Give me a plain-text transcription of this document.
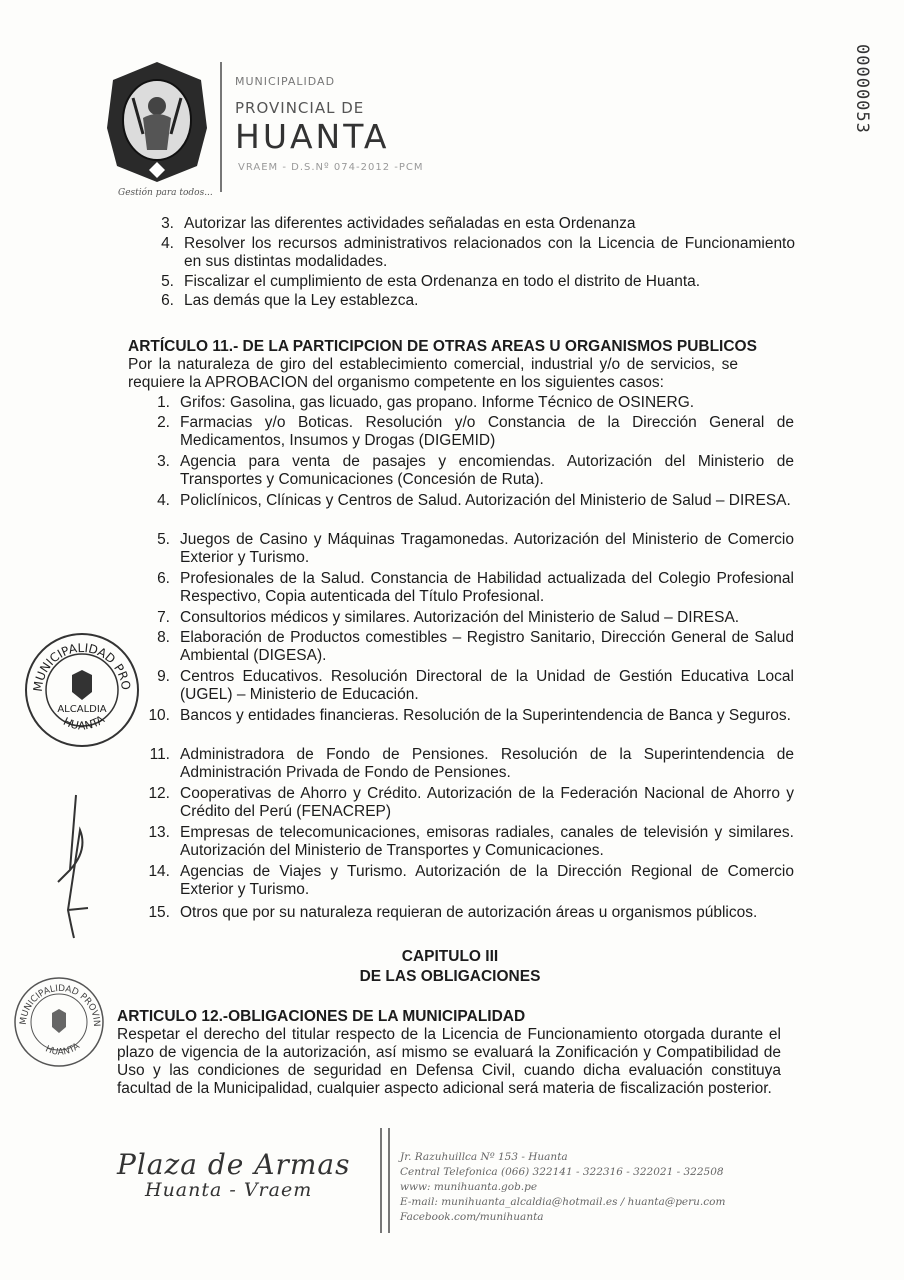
Gestión para todos...
MUNICIPALIDAD
PROVINCIAL DE
HUANTA
VRAEM - D.S.Nº 074-2012 -PCM
00000053
3. Autorizar las diferentes actividades señaladas en esta Ordenanza
4. Resolver los recursos administrativos relacionados con la Licencia de Funcionamiento en sus distintas modalidades.
5. Fiscalizar el cumplimiento de esta Ordenanza en todo el distrito de Huanta.
6. Las demás que la Ley establezca.
ARTÍCULO 11.- DE LA PARTICIPCION DE OTRAS AREAS U ORGANISMOS PUBLICOS
Por la naturaleza de giro del establecimiento comercial, industrial y/o de servicios, se requiere la APROBACION del organismo competente en los siguientes casos:
1. Grifos: Gasolina, gas licuado, gas propano. Informe Técnico de OSINERG.
2. Farmacias y/o Boticas. Resolución y/o Constancia de la Dirección General de Medicamentos, Insumos y Drogas (DIGEMID)
3. Agencia para venta de pasajes y encomiendas. Autorización del Ministerio de Transportes y Comunicaciones (Concesión de Ruta).
4. Policlínicos, Clínicas y Centros de Salud. Autorización del Ministerio de Salud – DIRESA.
5. Juegos de Casino y Máquinas Tragamonedas. Autorización del Ministerio de Comercio Exterior y Turismo.
6. Profesionales de la Salud. Constancia de Habilidad actualizada del Colegio Profesional Respectivo, Copia autenticada del Título Profesional.
7. Consultorios médicos y similares. Autorización del Ministerio de Salud – DIRESA.
8. Elaboración de Productos comestibles – Registro Sanitario, Dirección General de Salud Ambiental (DIGESA).
9. Centros Educativos. Resolución Directoral de la Unidad de Gestión Educativa Local (UGEL) – Ministerio de Educación.
10. Bancos y entidades financieras. Resolución de la Superintendencia de Banca y Seguros.
11. Administradora de Fondo de Pensiones. Resolución de la Superintendencia de Administración Privada de Fondo de Pensiones.
12. Cooperativas de Ahorro y Crédito. Autorización de la Federación Nacional de Ahorro y Crédito del Perú (FENACREP)
13. Empresas de telecomunicaciones, emisoras radiales, canales de televisión y similares. Autorización del Ministerio de Transportes y Comunicaciones.
14. Agencias de Viajes y Turismo. Autorización de la Dirección Regional de Comercio Exterior y Turismo.
15. Otros que por su naturaleza requieran de autorización áreas u organismos públicos.
CAPITULO III
DE LAS OBLIGACIONES
ARTICULO 12.-OBLIGACIONES DE LA MUNICIPALIDAD
Respetar el derecho del titular respecto de la Licencia de Funcionamiento otorgada durante el plazo de vigencia de la autorización, así mismo se evaluará la Zonificación y Compatibilidad de Uso y las condiciones de seguridad en Defensa Civil, cuando dicha evaluación constituya facultad de la Municipalidad, cualquier aspecto adicional será materia de fiscalización posterior.
MUNICIPALIDAD PRO
ALCALDIA
HUANTA
MUNICIPALIDAD PROVIN
HUANTA
Plaza de Armas
Huanta - Vraem
Jr. Razuhuillca Nº 153 - Huanta
Central Telefonica (066) 322141 - 322316 - 322021 - 322508
www: munihuanta.gob.pe
E-mail: munihuanta_alcaldia@hotmail.es / huanta@peru.com
Facebook.com/munihuanta
